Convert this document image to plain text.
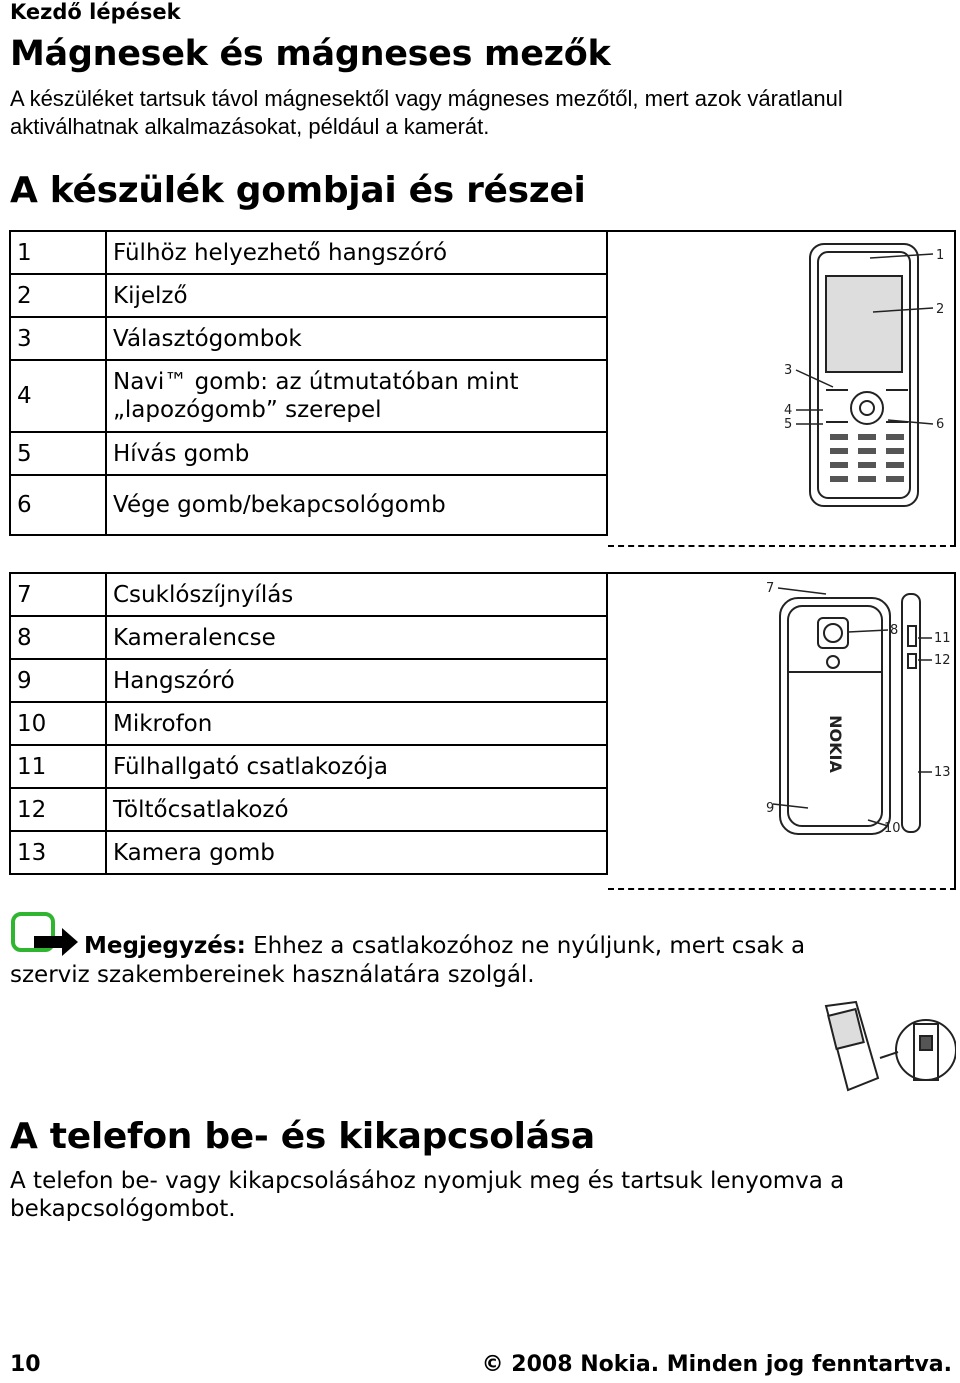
Kezdő lépések
Mágnesek és mágneses mezők
A készüléket tartsuk távol mágnesektől vagy mágneses mezőtől, mert azok váratlanul aktiválhatnak alkalmazásokat, például a kamerát.
A készülék gombjai és részei
1	Fülhöz helyezhető hangszóró
2	Kijelző
3	Választógombok
4	Navi™ gomb: az útmutatóban mint „lapozógomb” szerepel
5	Hívás gomb
6	Vége gomb/bekapcsológomb
1
2
3
4
5	6
7	Csuklószíjnyílás
8	Kameralencse
9	Hangszóró
10	Mikrofon
11	Fülhallgató csatlakozója
12	Töltőcsatlakozó
13	Kamera gomb
NOKIA
7
8
9
10
11
12
13
Megjegyzés: Ehhez a csatlakozóhoz ne nyúljunk, mert csak a szerviz szakembereinek használatára szolgál.
A telefon be- és kikapcsolása
A telefon be- vagy kikapcsolásához nyomjuk meg és tartsuk lenyomva a bekapcsológombot.
10	© 2008 Nokia. Minden jog fenntartva.
